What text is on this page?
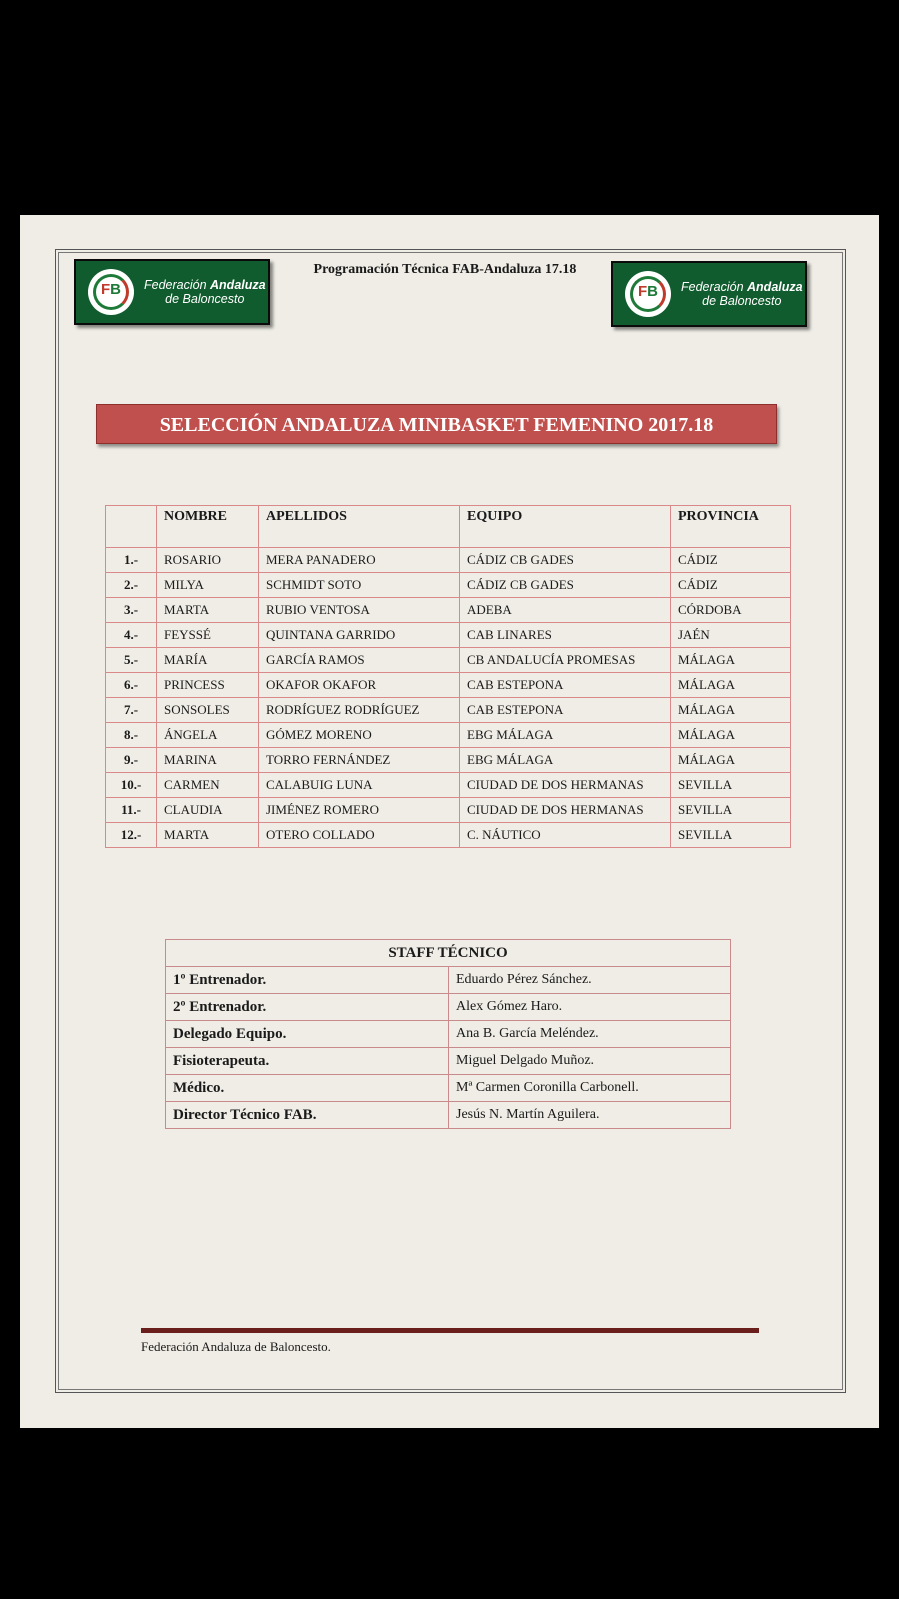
FB	Federación Andaluza
de Baloncesto
Programación Técnica FAB-Andaluza 17.18
FB	Federación Andaluza
de Baloncesto
SELECCIÓN ANDALUZA MINIBASKET FEMENINO 2017.18
	NOMBRE	APELLIDOS	EQUIPO	PROVINCIA
1.-	ROSARIO	MERA PANADERO	CÁDIZ CB GADES	CÁDIZ
2.-	MILYA	SCHMIDT SOTO	CÁDIZ CB GADES	CÁDIZ
3.-	MARTA	RUBIO VENTOSA	ADEBA	CÓRDOBA
4.-	FEYSSÉ	QUINTANA GARRIDO	CAB LINARES	JAÉN
5.-	MARÍA	GARCÍA RAMOS	CB ANDALUCÍA PROMESAS	MÁLAGA
6.-	PRINCESS	OKAFOR OKAFOR	CAB ESTEPONA	MÁLAGA
7.-	SONSOLES	RODRÍGUEZ RODRÍGUEZ	CAB ESTEPONA	MÁLAGA
8.-	ÁNGELA	GÓMEZ MORENO	EBG MÁLAGA	MÁLAGA
9.-	MARINA	TORRO FERNÁNDEZ	EBG MÁLAGA	MÁLAGA
10.-	CARMEN	CALABUIG LUNA	CIUDAD DE DOS HERMANAS	SEVILLA
11.-	CLAUDIA	JIMÉNEZ ROMERO	CIUDAD DE DOS HERMANAS	SEVILLA
12.-	MARTA	OTERO COLLADO	C. NÁUTICO	SEVILLA
STAFF TÉCNICO	
1º Entrenador.	Eduardo Pérez Sánchez.
2º Entrenador.	Alex Gómez Haro.
Delegado Equipo.	Ana B. García Meléndez.
Fisioterapeuta.	Miguel Delgado Muñoz.
Médico.	Mª Carmen Coronilla Carbonell.
Director Técnico FAB.	Jesús N. Martín Aguilera.
Federación Andaluza de Baloncesto.
